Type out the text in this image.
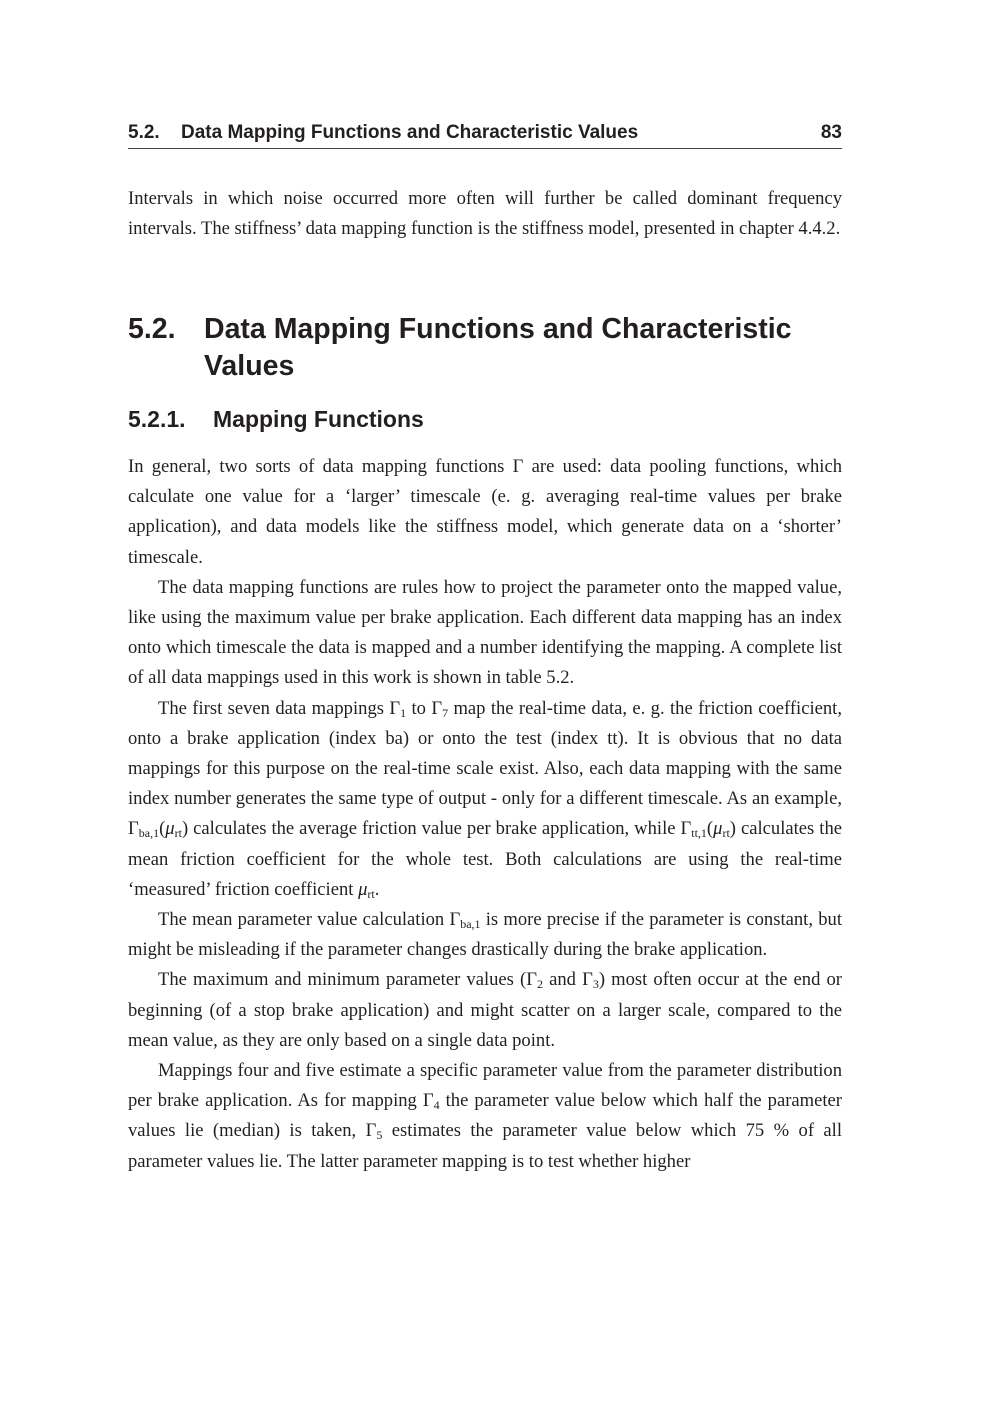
5.2. Data Mapping Functions and Characteristic Values	83

Intervals in which noise occurred more often will further be called dominant frequency intervals. The stiffness’ data mapping function is the stiffness model, presented in chapter 4.4.2.

5.2. Data Mapping Functions and Characteristic Values
5.2.1. Mapping Functions

In general, two sorts of data mapping functions Γ are used: data pooling functions, which calculate one value for a ‘larger’ timescale (e. g. averaging real-time values per brake application), and data models like the stiffness model, which generate data on a ‘shorter’ timescale.

The data mapping functions are rules how to project the parameter onto the mapped value, like using the maximum value per brake application. Each different data mapping has an index onto which timescale the data is mapped and a number identifying the mapping. A complete list of all data mappings used in this work is shown in table 5.2.

The first seven data mappings $\Gamma_1$ to $\Gamma_7$ map the real-time data, e. g. the friction coefficient, onto a brake application (index ba) or onto the test (index tt). It is obvious that no data mappings for this purpose on the real-time scale exist. Also, each data mapping with the same index number generates the same type of output - only for a different timescale. As an example, $\Gamma_{ba,1}(\mu_{rt})$ calculates the average friction value per brake application, while $\Gamma_{tt,1}(\mu_{rt})$ calculates the mean friction coefficient for the whole test. Both calculations are using the real-time ‘measured’ friction coefficient $\mu_{rt}$.

The mean parameter value calculation $\Gamma_{ba,1}$ is more precise if the parameter is constant, but might be misleading if the parameter changes drastically during the brake application.

The maximum and minimum parameter values ($\Gamma_2$ and $\Gamma_3$) most often occur at the end or beginning (of a stop brake application) and might scatter on a larger scale, compared to the mean value, as they are only based on a single data point.

Mappings four and five estimate a specific parameter value from the parameter distribution per brake application. As for mapping $\Gamma_4$ the parameter value below which half the parameter values lie (median) is taken, $\Gamma_5$ estimates the parameter value below which 75 % of all parameter values lie. The latter parameter mapping is to test whether higher
